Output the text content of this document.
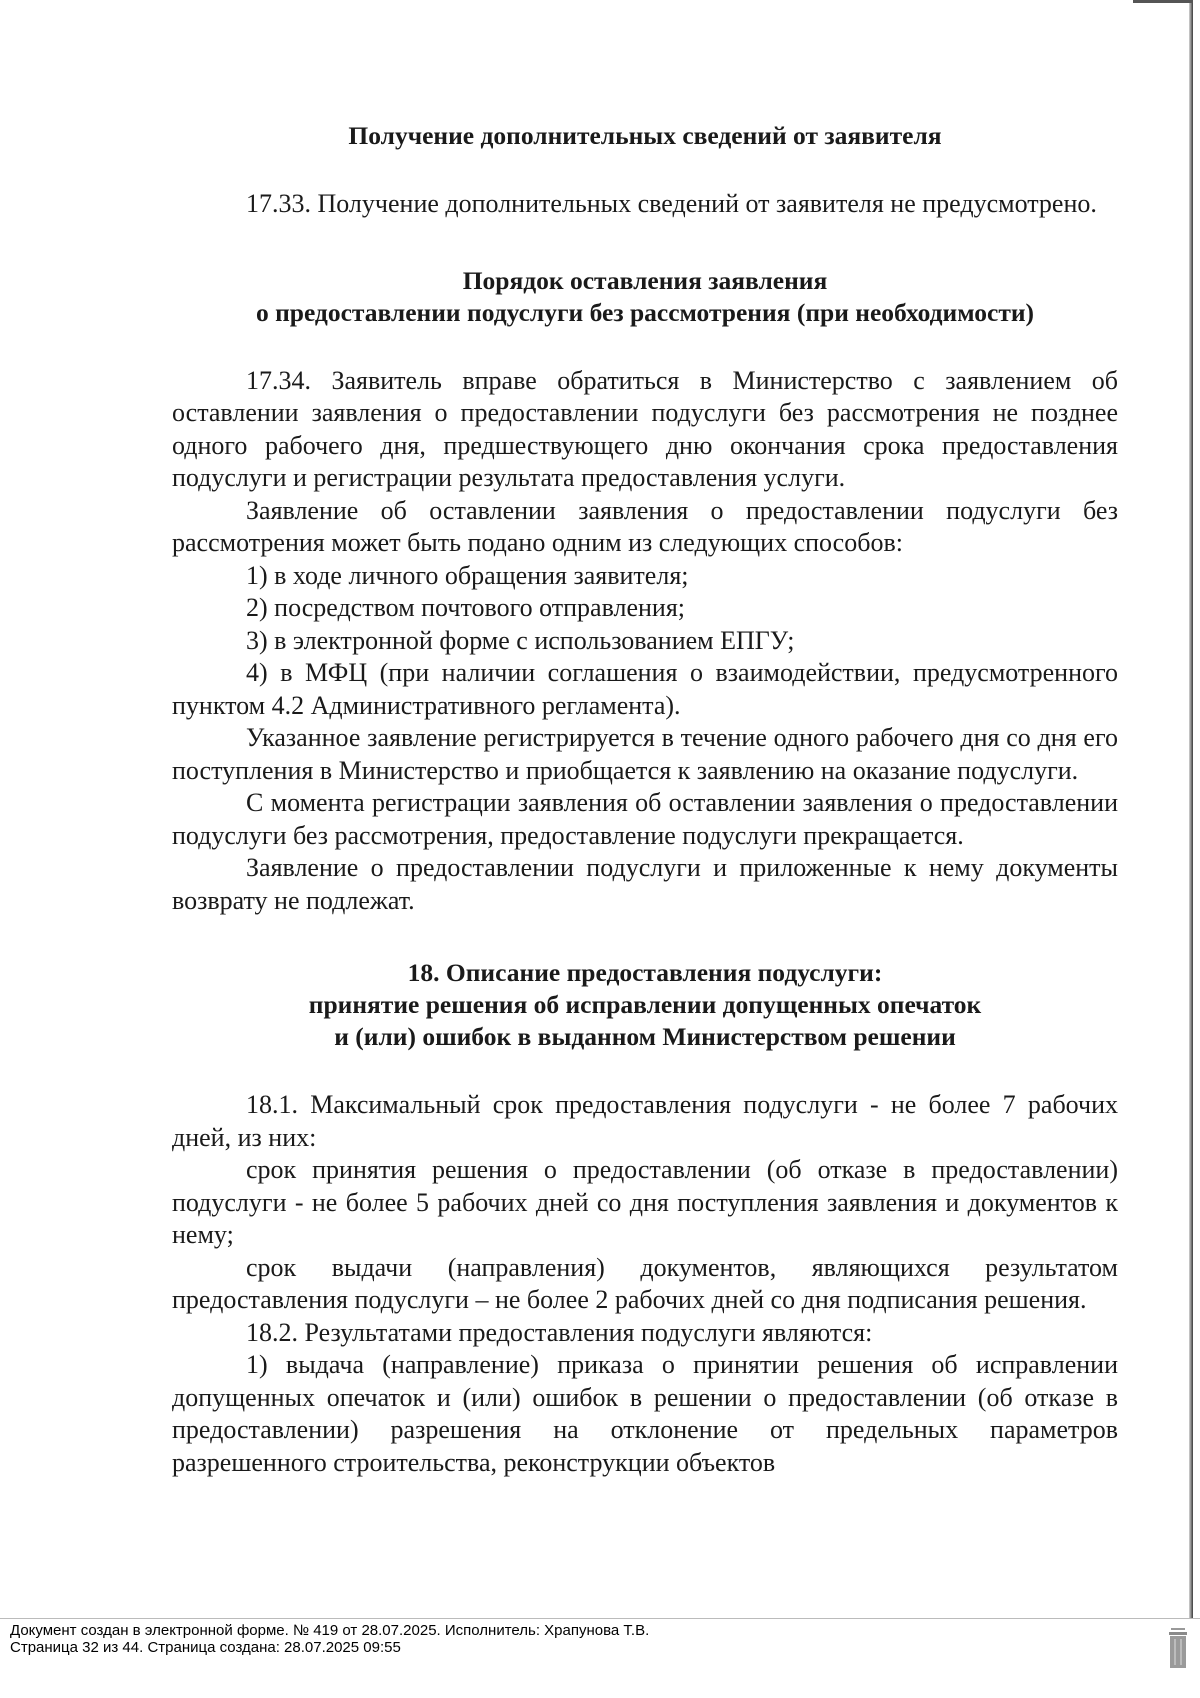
Получение дополнительных сведений от заявителя

17.33. Получение дополнительных сведений от заявителя не предусмотрено.

Порядок оставления заявления
о предоставлении подуслуги без рассмотрения (при необходимости)

17.34. Заявитель вправе обратиться в Министерство с заявлением об оставлении заявления о предоставлении подуслуги без рассмотрения не позднее одного рабочего дня, предшествующего дню окончания срока предоставления подуслуги и регистрации результата предоставления услуги.

Заявление об оставлении заявления о предоставлении подуслуги без рассмотрения может быть подано одним из следующих способов:

1) в ходе личного обращения заявителя;

2) посредством почтового отправления;

3) в электронной форме с использованием ЕПГУ;

4) в МФЦ (при наличии соглашения о взаимодействии, предусмотренного пунктом 4.2 Административного регламента).

Указанное заявление регистрируется в течение одного рабочего дня со дня его поступления в Министерство и приобщается к заявлению на оказание подуслуги.

С момента регистрации заявления об оставлении заявления о предоставлении подуслуги без рассмотрения, предоставление подуслуги прекращается.

Заявление о предоставлении подуслуги и приложенные к нему документы возврату не подлежат.

18. Описание предоставления подуслуги:
принятие решения об исправлении допущенных опечаток
и (или) ошибок в выданном Министерством решении

18.1. Максимальный срок предоставления подуслуги - не более 7 рабочих дней, из них:

срок принятия решения о предоставлении (об отказе в предоставлении) подуслуги - не более 5 рабочих дней со дня поступления заявления и документов к нему;

срок выдачи (направления) документов, являющихся результатом предоставления подуслуги – не более 2 рабочих дней со дня подписания решения.

18.2. Результатами предоставления подуслуги являются:

1) выдача (направление) приказа о принятии решения об исправлении допущенных опечаток и (или) ошибок в решении о предоставлении (об отказе в предоставлении) разрешения на отклонение от предельных параметров разрешенного строительства, реконструкции объектов

Документ создан в электронной форме. № 419 от 28.07.2025. Исполнитель: Храпунова Т.В.
Страница 32 из 44. Страница создана: 28.07.2025 09:55
